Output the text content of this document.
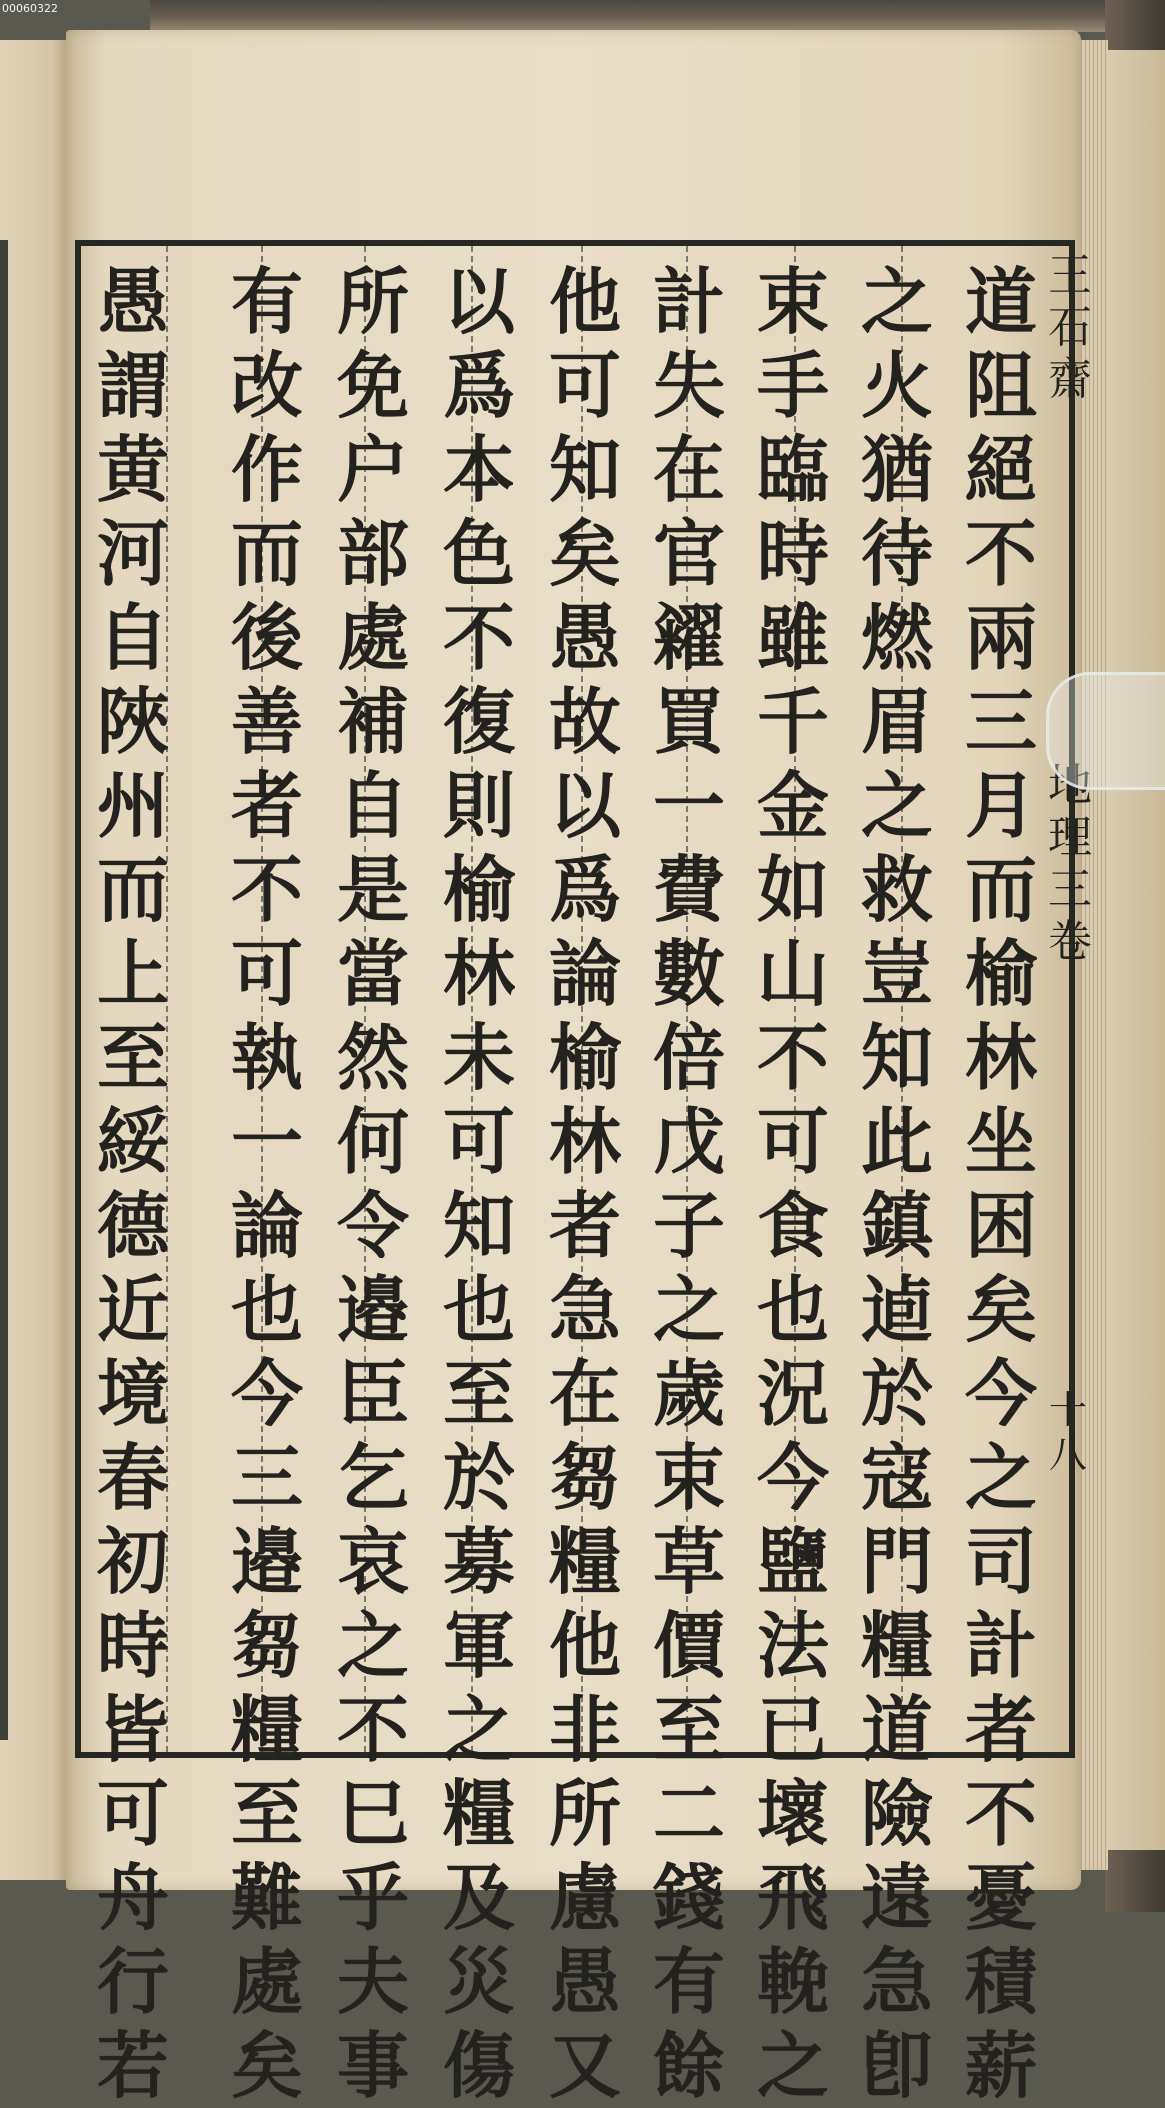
00060322
道
阻
絕
不
兩
三
月
而
榆
林
坐
困
矣
今
之
司
計
者
不
憂
積
薪
之
火
猶
待
燃
眉
之
救
豈
知
此
鎮
逌
於
寇
門
糧
道
險
遠
急
卽
束
手
臨
時
雖
千
金
如
山
不
可
食
也
況
今
鹽
法
已
壞
飛
輓
之
計
失
在
官
糴
買
一
費
數
倍
戊
子
之
歲
束
草
價
至
二
錢
有
餘
他
可
知
矣
愚
故
以
爲
論
榆
林
者
急
在
芻
糧
他
非
所
慮
愚
又
以
爲
本
色
不
復
則
榆
林
未
可
知
也
至
於
募
軍
之
糧
及
災
傷
所
免
户
部
處
補
自
是
當
然
何
令
邉
臣
乞
哀
之
不
巳
乎
夫
事
有
改
作
而
後
善
者
不
可
執
一
論
也
今
三
邉
芻
糧
至
難
處
矣
愚
謂
黄
河
自
陜
州
而
上
至
綏
德
近
境
春
初
時
皆
可
舟
行
若
王
石
齋
地
理
三
卷
十
八
